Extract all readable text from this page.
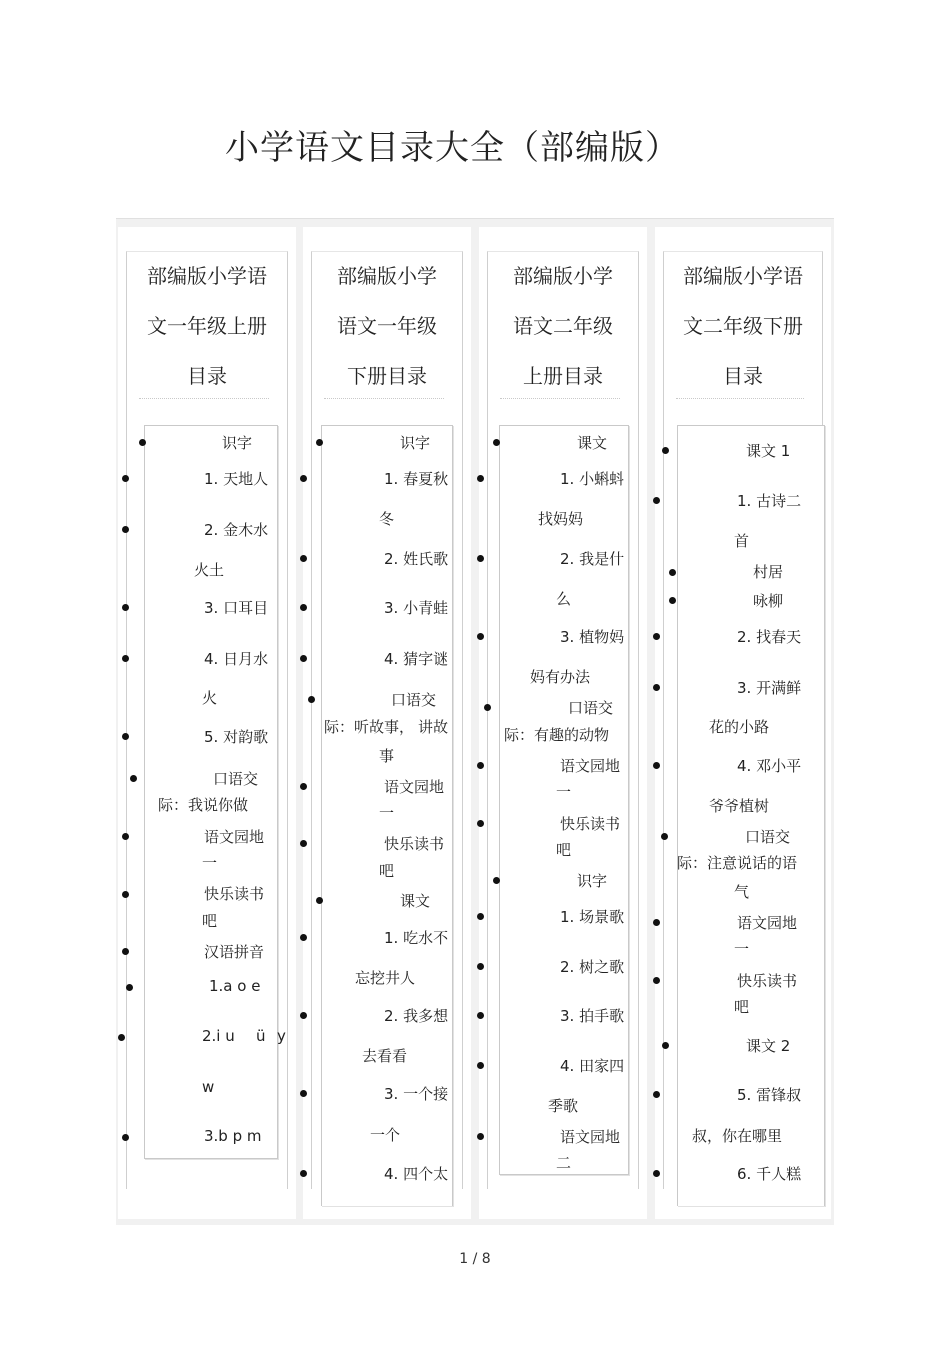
小学语文目录大全（部编版）
部编版小学语
文一年级上册
目录
部编版小学
语文一年级
下册目录
部编版小学
语文二年级
上册目录
部编版小学语
文二年级下册
目录
识字
1. 天地人
2. 金木水
火土
3. 口耳目
4. 日月水
火
5. 对韵歌
口语交
际：我说你做
语文园地
一
快乐读书
吧
汉语拼音
1.a o e
2.i u ü y
w
3.b p m
识字
1. 春夏秋
冬
2. 姓氏歌
3. 小青蛙
4. 猜字谜
口语交
际：听故事， 讲故
事
语文园地
一
快乐读书
吧
课文
1. 吃水不
忘挖井人
2. 我多想
去看看
3. 一个接
一个
4. 四个太
课文
1. 小蝌蚪
找妈妈
2. 我是什
么
3. 植物妈
妈有办法
口语交
际：有趣的动物
语文园地
一
快乐读书
吧
识字
1. 场景歌
2. 树之歌
3. 拍手歌
4. 田家四
季歌
语文园地
二
课文 1
1. 古诗二
首
村居
咏柳
2. 找春天
3. 开满鲜
花的小路
4. 邓小平
爷爷植树
口语交
际：注意说话的语
气
语文园地
一
快乐读书
吧
课文 2
5. 雷锋叔
叔，你在哪里
6. 千人糕
1 / 8
